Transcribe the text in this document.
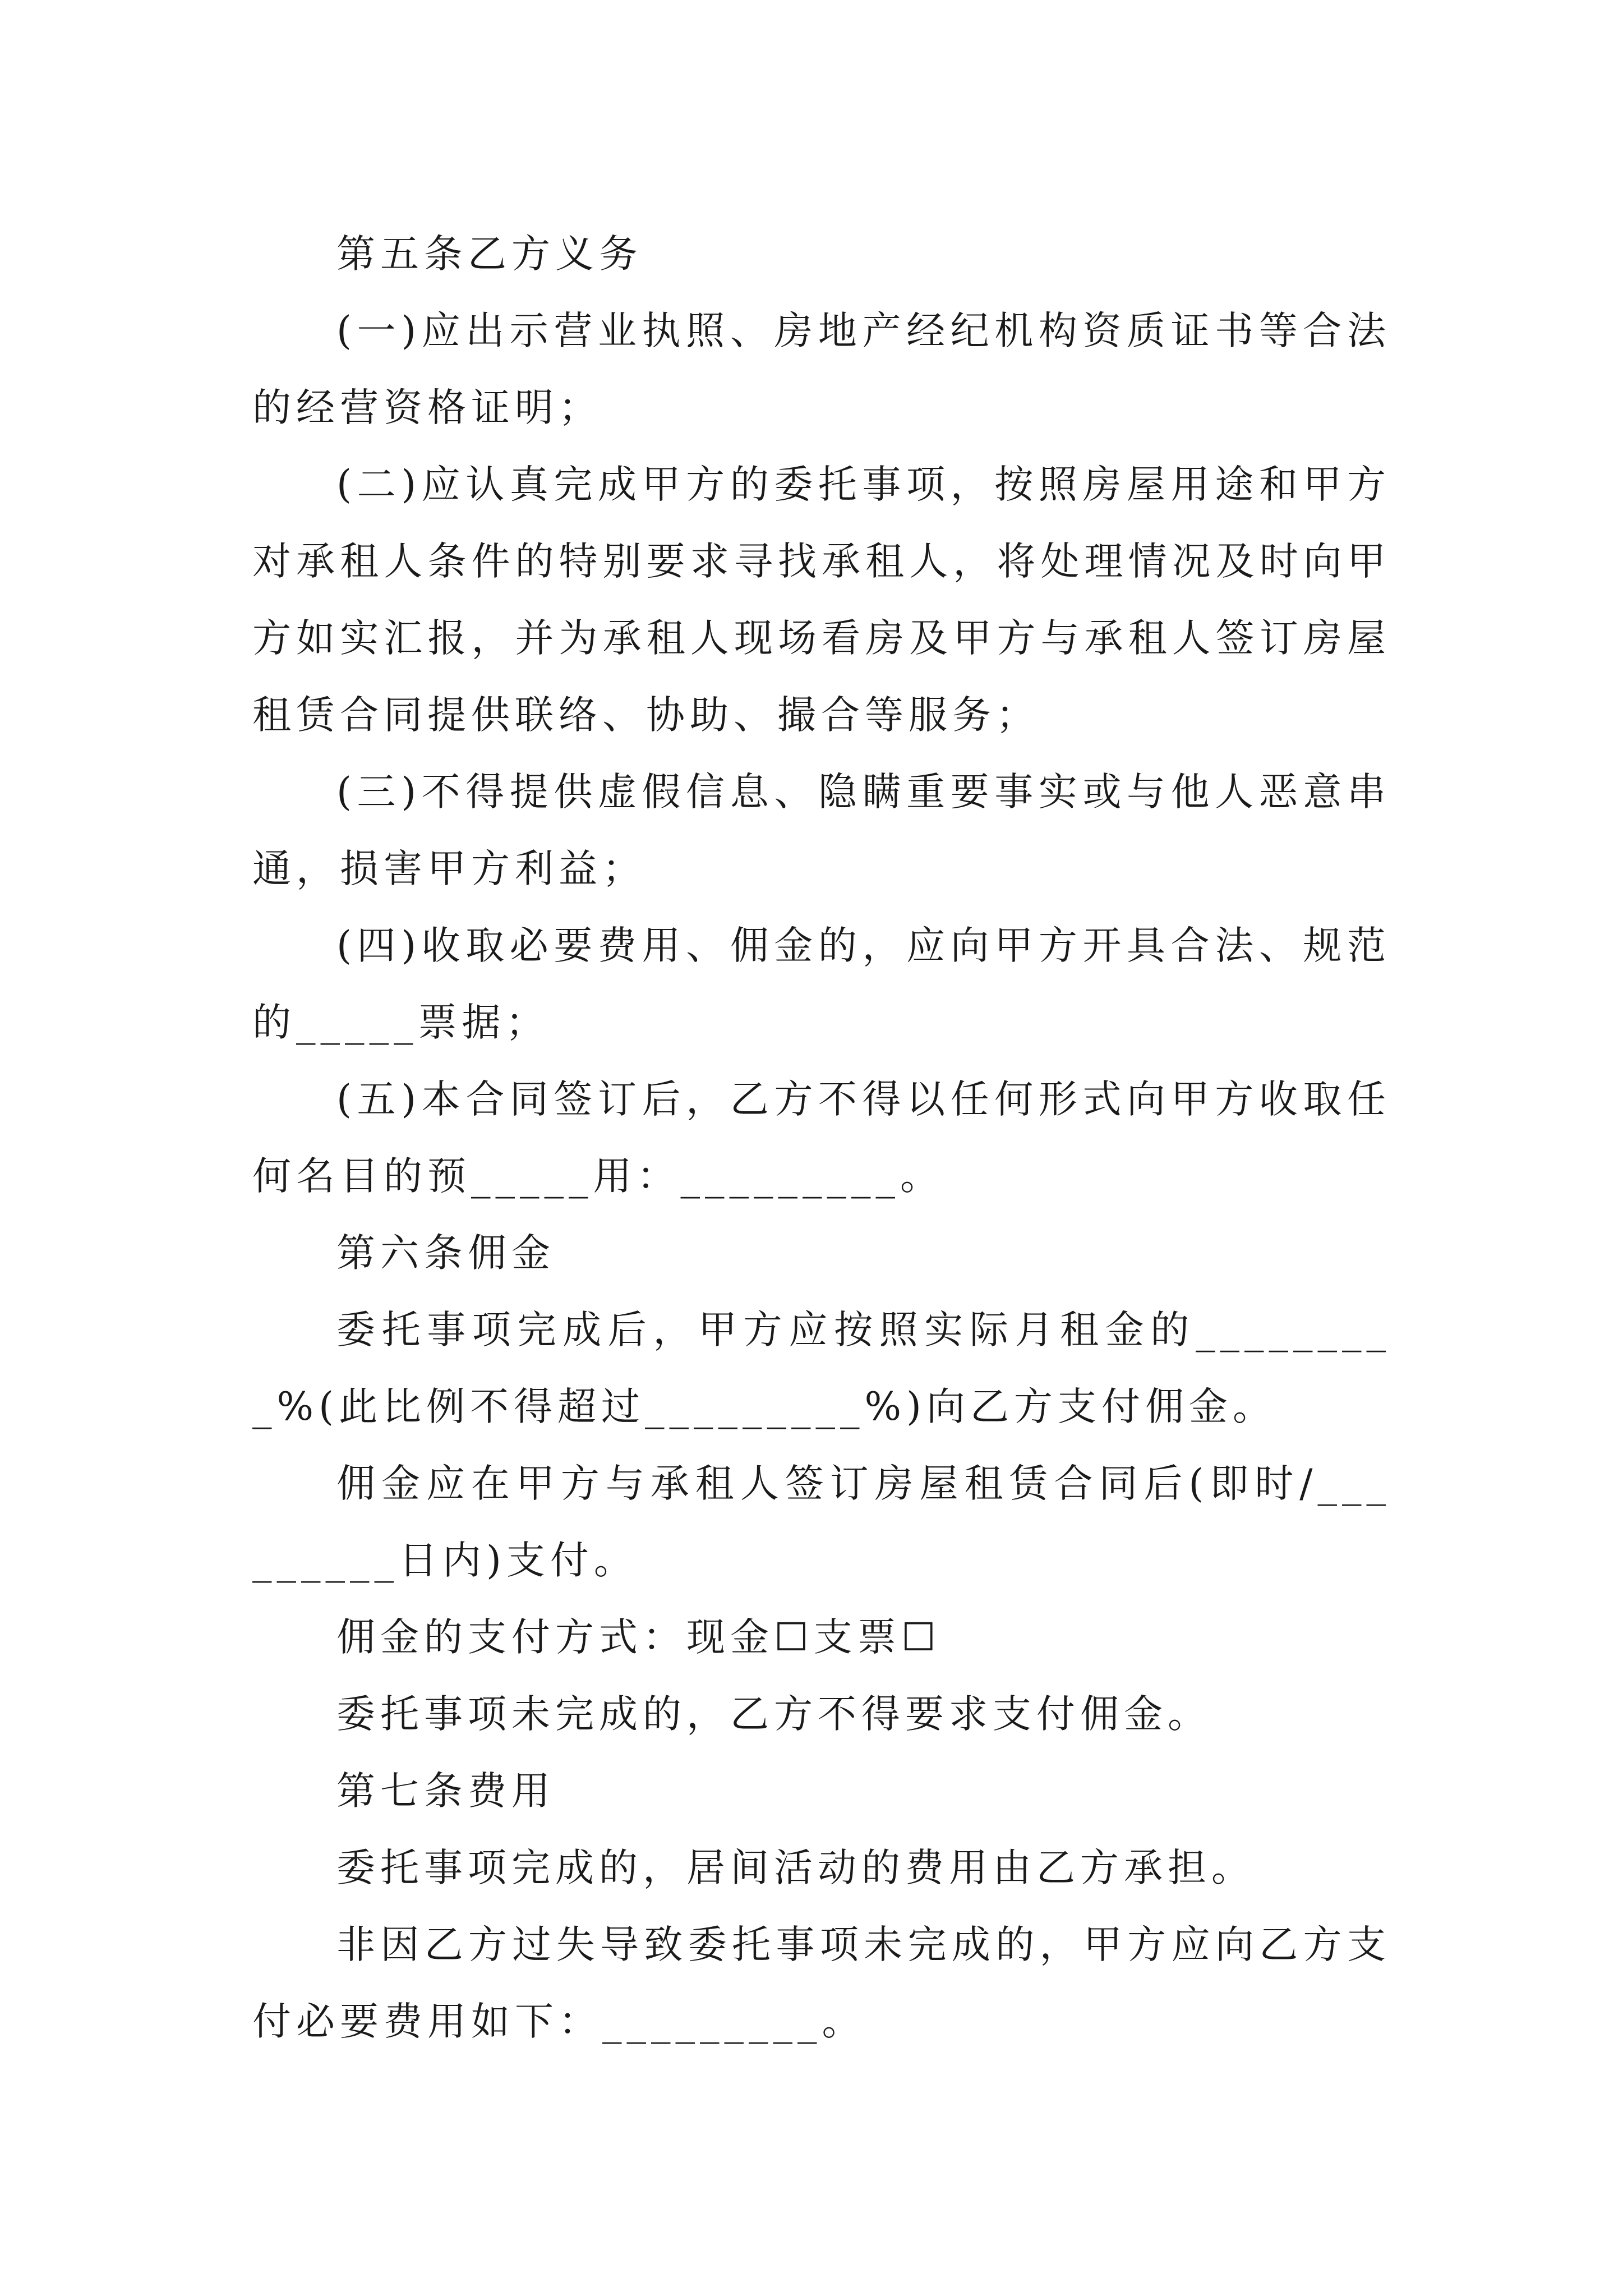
第五条乙方义务

(一)应出示营业执照、房地产经纪机构资质证书等合法的经营资格证明；

(二)应认真完成甲方的委托事项，按照房屋用途和甲方对承租人条件的特别要求寻找承租人，将处理情况及时向甲方如实汇报，并为承租人现场看房及甲方与承租人签订房屋租赁合同提供联络、协助、撮合等服务；

(三)不得提供虚假信息、隐瞒重要事实或与他人恶意串通，损害甲方利益；

(四)收取必要费用、佣金的，应向甲方开具合法、规范的_____票据；

(五)本合同签订后，乙方不得以任何形式向甲方收取任何名目的预_____用：_________。

第六条佣金

委托事项完成后，甲方应按照实际月租金的_________%(此比例不得超过_________%)向乙方支付佣金。

佣金应在甲方与承租人签订房屋租赁合同后(即时/_________日内)支付。

佣金的支付方式：现金☐支票☐

委托事项未完成的，乙方不得要求支付佣金。

第七条费用

委托事项完成的，居间活动的费用由乙方承担。

非因乙方过失导致委托事项未完成的，甲方应向乙方支付必要费用如下：_________。
